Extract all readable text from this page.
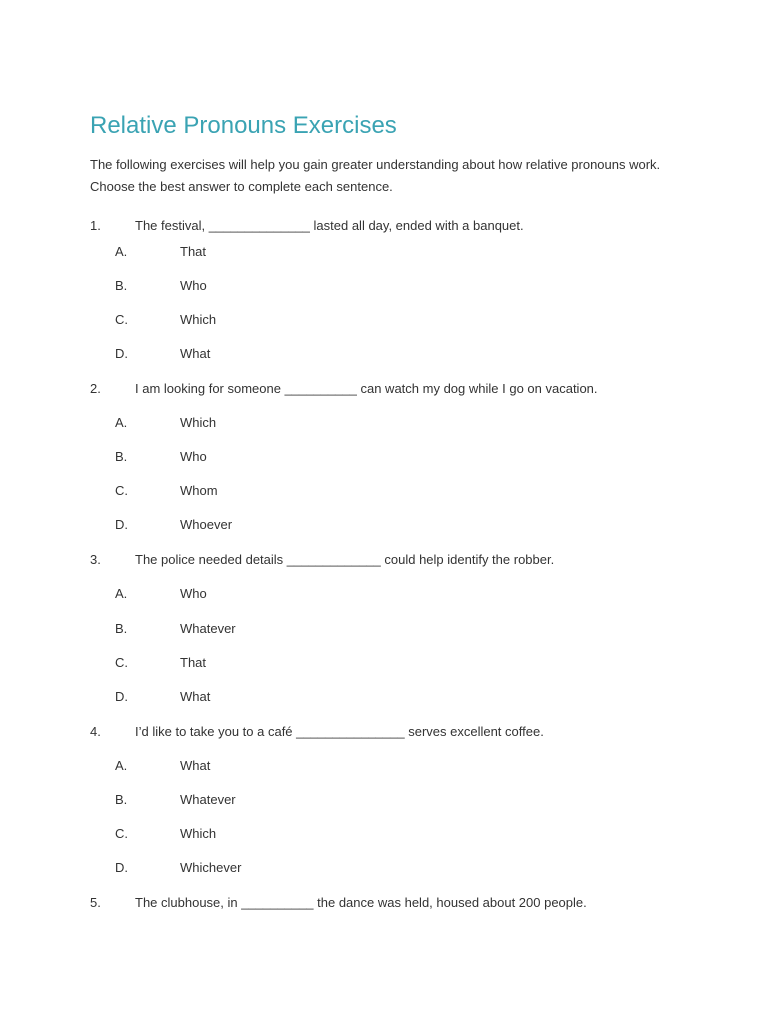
Relative Pronouns Exercises

The following exercises will help you gain greater understanding about how relative pronouns work.
Choose the best answer to complete each sentence.

1.	The festival, ______________ lasted all day, ended with a banquet.
A.	That
B.	Who
C.	Which
D.	What
2.	I am looking for someone __________ can watch my dog while I go on vacation.
A.	Which
B.	Who
C.	Whom
D.	Whoever
3.	The police needed details _____________ could help identify the robber.
A.	Who
B.	Whatever
C.	That
D.	What
4.	I’d like to take you to a café _______________ serves excellent coffee.
A.	What
B.	Whatever
C.	Which
D.	Whichever
5.	The clubhouse, in __________ the dance was held, housed about 200 people.
